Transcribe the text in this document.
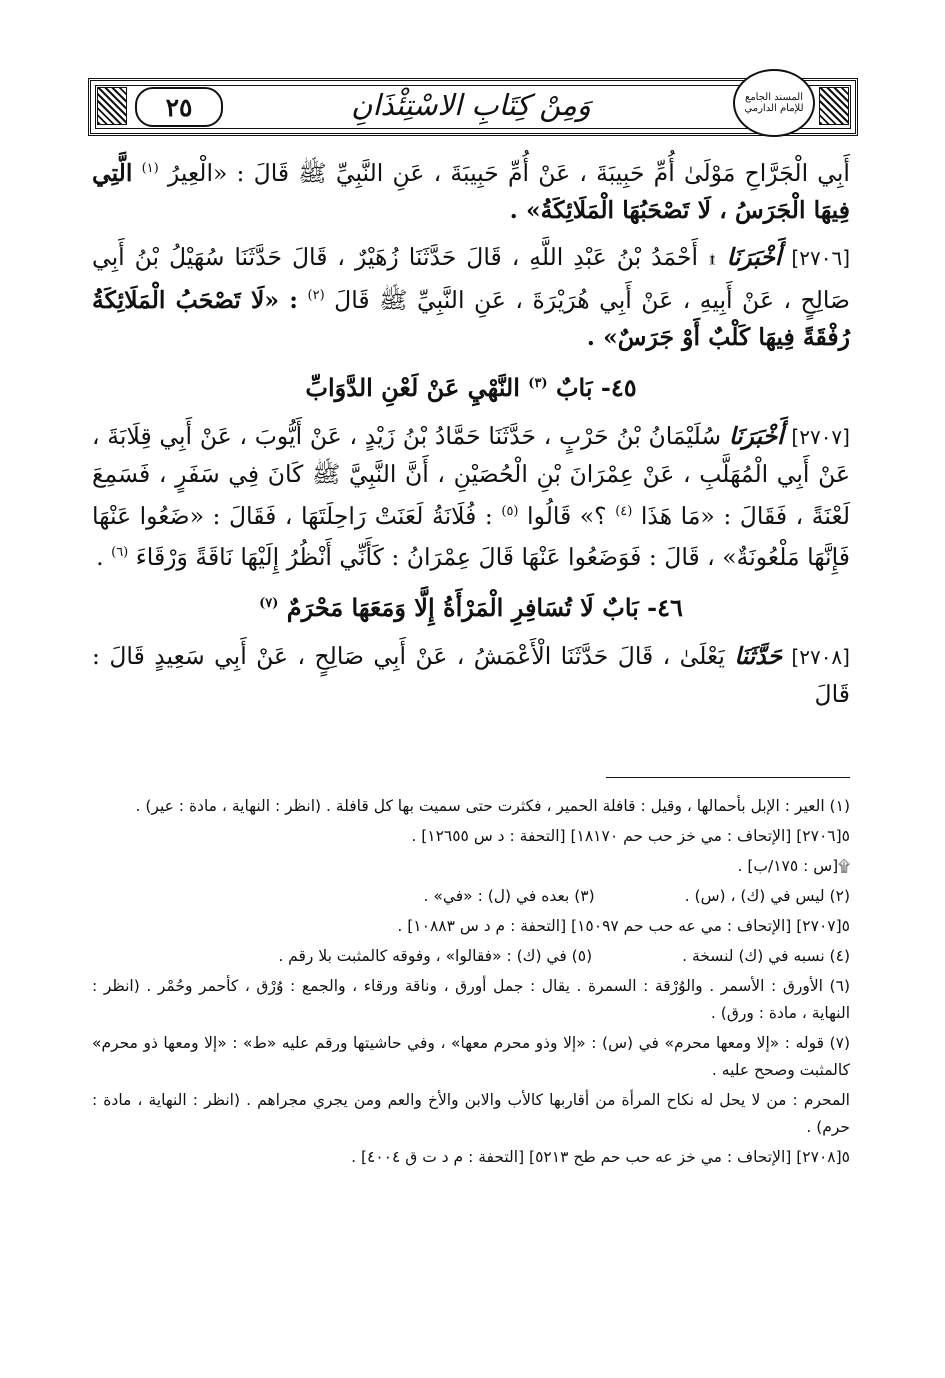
٢٥	وَمِنْ كِتَابِ الاسْتِئْذَانِ	المسند الجامع للإمام الدارمي
أَبِي الْجَرَّاحِ مَوْلَىٰ أُمِّ حَبِيبَةَ ، عَنْ أُمِّ حَبِيبَةَ ، عَنِ النَّبِيِّ ﷺ قَالَ : «الْعِيرُ $^{(١)}$ الَّتِي فِيهَا الْجَرَسُ ، لَا تَصْحَبُهَا الْمَلَائِكَةُ» .
[٢٧٠٦] أَخْبَرَنَا ۩ أَحْمَدُ بْنُ عَبْدِ اللَّهِ ، قَالَ حَدَّثَنَا زُهَيْرٌ ، قَالَ حَدَّثَنَا سُهَيْلُ بْنُ أَبِي صَالِحٍ ، عَنْ أَبِيهِ ، عَنْ أَبِي هُرَيْرَةَ ، عَنِ النَّبِيِّ ﷺ قَالَ $^{(٢)}$ : «لَا تَصْحَبُ الْمَلَائِكَةُ رُفْقَةً فِيهَا كَلْبٌ أَوْ جَرَسٌ» .
٤٥- بَابٌ $^{(٣)}$ النَّهْيِ عَنْ لَعْنِ الدَّوَابِّ
[٢٧٠٧] أَخْبَرَنَا سُلَيْمَانُ بْنُ حَرْبٍ ، حَدَّثَنَا حَمَّادُ بْنُ زَيْدٍ ، عَنْ أَيُّوبَ ، عَنْ أَبِي قِلَابَةَ ، عَنْ أَبِي الْمُهَلَّبِ ، عَنْ عِمْرَانَ بْنِ الْحُصَيْنِ ، أَنَّ النَّبِيَّ ﷺ كَانَ فِي سَفَرٍ ، فَسَمِعَ لَعْنَةً ، فَقَالَ : «مَا هَذَا $^{(٤)}$ ؟» قَالُوا $^{(٥)}$ : فُلَانَةُ لَعَنَتْ رَاحِلَتَهَا ، فَقَالَ : «ضَعُوا عَنْهَا فَإِنَّهَا مَلْعُونَةٌ» ، قَالَ : فَوَضَعُوا عَنْهَا قَالَ عِمْرَانُ : كَأَنِّي أَنْظُرُ إِلَيْهَا نَاقَةً وَرْقَاءَ $^{(٦)}$ .
٤٦- بَابٌ لَا تُسَافِرِ الْمَرْأَةُ إِلَّا وَمَعَهَا مَحْرَمٌ $^{(٧)}$
[٢٧٠٨] حَدَّثَنَا يَعْلَىٰ ، قَالَ حَدَّثَنَا الْأَعْمَشُ ، عَنْ أَبِي صَالِحٍ ، عَنْ أَبِي سَعِيدٍ قَالَ : قَالَ

(١) العير : الإبل بأحمالها ، وقيل : قافلة الحمير ، فكثرت حتى سميت بها كل قافلة . (انظر : النهاية ، مادة : عير) .

٥[٢٧٠٦] [الإتحاف : مي خز حب حم ١٨١٧٠] [التحفة : د س ١٢٦٥٥] .

۩[س : ١٧٥/ب] .

(٢) ليس في (ك) ، (س) .
(٣) بعده في (ل) : «في» .

٥[٢٧٠٧] [الإتحاف : مي عه حب حم ١٥٠٩٧] [التحفة : م د س ١٠٨٨٣] .

(٤) نسبه في (ك) لنسخة .
(٥) في (ك) : «فقالوا» ، وفوقه كالمثبت بلا رقم .

(٦) الأورق : الأسمر . والوُرْقة : السمرة . يقال : جمل أورق ، وناقة ورقاء ، والجمع : وُرْق ، كأحمر وحُمْر . (انظر : النهاية ، مادة : ورق) .

(٧) قوله : «إلا ومعها محرم» في (س) : «إلا وذو محرم معها» ، وفي حاشيتها ورقم عليه «ط» : «إلا ومعها ذو محرم» كالمثبت وصحح عليه .

المحرم : من لا يحل له نكاح المرأة من أقاربها كالأب والابن والأخ والعم ومن يجري مجراهم . (انظر : النهاية ، مادة : حرم) .

٥[٢٧٠٨] [الإتحاف : مي خز عه حب حم طح ٥٢١٣] [التحفة : م د ت ق ٤٠٠٤] .
